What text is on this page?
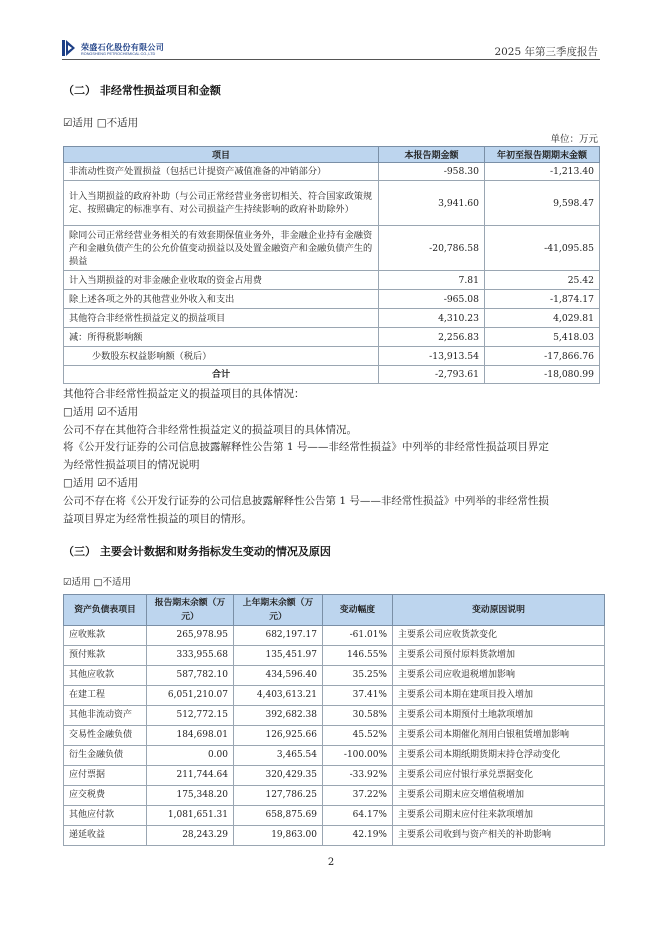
荣盛石化股份有限公司
RONGSHENG PETROCHEMICAL CO.,LTD	2025 年第三季度报告
（二） 非经常性损益项目和金额
☑适用 □不适用
单位：万元
项目	本报告期金额	年初至报告期期末金额
非流动性资产处置损益（包括已计提资产减值准备的冲销部分）	-958.30	-1,213.40
计入当期损益的政府补助（与公司正常经营业务密切相关、符合国家政策规定、按照确定的标准享有、对公司损益产生持续影响的政府补助除外）	3,941.60	9,598.47
除同公司正常经营业务相关的有效套期保值业务外，非金融企业持有金融资产和金融负债产生的公允价值变动损益以及处置金融资产和金融负债产生的损益	-20,786.58	-41,095.85
计入当期损益的对非金融企业收取的资金占用费	7.81	25.42
除上述各项之外的其他营业外收入和支出	-965.08	-1,874.17
其他符合非经常性损益定义的损益项目	4,310.23	4,029.81
减：所得税影响额	2,256.83	5,418.03
少数股东权益影响额（税后）	-13,913.54	-17,866.76
合计	-2,793.61	-18,080.99
其他符合非经常性损益定义的损益项目的具体情况：
□适用 ☑不适用
公司不存在其他符合非经常性损益定义的损益项目的具体情况。
将《公开发行证券的公司信息披露解释性公告第 1 号——非经常性损益》中列举的非经常性损益项目界定
为经常性损益项目的情况说明
□适用 ☑不适用
公司不存在将《公开发行证券的公司信息披露解释性公告第 1 号——非经常性损益》中列举的非经常性损
益项目界定为经常性损益的项目的情形。
（三） 主要会计数据和财务指标发生变动的情况及原因
☑适用 □不适用
资产负债表项目	报告期末余额（万元）	上年期末余额（万元）	变动幅度	变动原因说明
应收账款	265,978.95	682,197.17	-61.01%	主要系公司应收货款变化
预付账款	333,955.68	135,451.97	146.55%	主要系公司预付原料货款增加
其他应收款	587,782.10	434,596.40	35.25%	主要系公司应收退税增加影响
在建工程	6,051,210.07	4,403,613.21	37.41%	主要系公司本期在建项目投入增加
其他非流动资产	512,772.15	392,682.38	30.58%	主要系公司本期预付土地款项增加
交易性金融负债	184,698.01	126,925.66	45.52%	主要系公司本期催化剂用白银租赁增加影响
衍生金融负债	0.00	3,465.54	-100.00%	主要系公司本期纸期货期末持仓浮动变化
应付票据	211,744.64	320,429.35	-33.92%	主要系公司应付银行承兑票据变化
应交税费	175,348.20	127,786.25	37.22%	主要系公司期末应交增值税增加
其他应付款	1,081,651.31	658,875.69	64.17%	主要系公司期末应付往来款项增加
递延收益	28,243.29	19,863.00	42.19%	主要系公司收到与资产相关的补助影响
2
